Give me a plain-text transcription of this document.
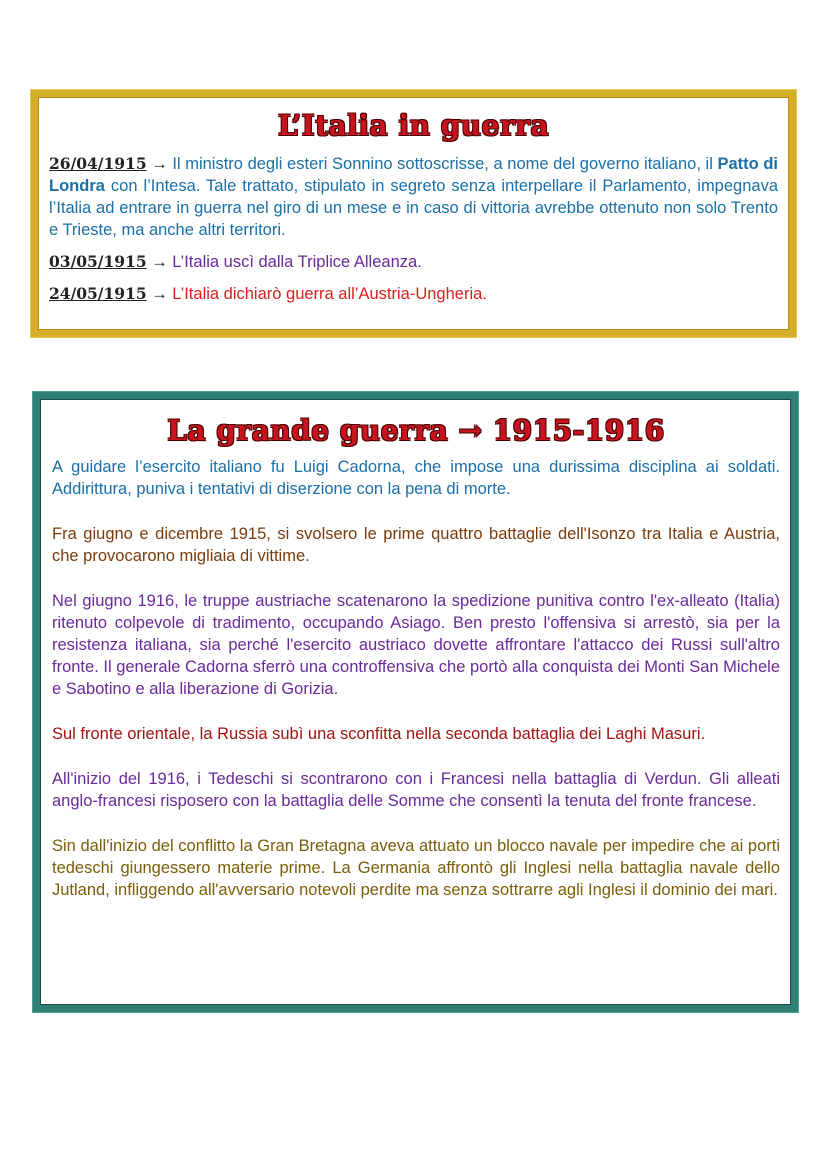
L’Italia in guerra

26/04/1915 → Il ministro degli esteri Sonnino sottoscrisse, a nome del governo italiano, il Patto di Londra con l’Intesa. Tale trattato, stipulato in segreto senza interpellare il Parlamento, impegnava l’Italia ad entrare in guerra nel giro di un mese e in caso di vittoria avrebbe ottenuto non solo Trento e Trieste, ma anche altri territori.

03/05/1915 → L’Italia uscì dalla Triplice Alleanza.

24/05/1915 → L’Italia dichiarò guerra all’Austria-Ungheria.

La grande guerra → 1915-1916

A guidare l’esercito italiano fu Luigi Cadorna, che impose una durissima disciplina ai soldati. Addirittura, puniva i tentativi di diserzione con la pena di morte.

Fra giugno e dicembre 1915, si svolsero le prime quattro battaglie dell'Isonzo tra Italia e Austria, che provocarono migliaia di vittime.

Nel giugno 1916, le truppe austriache scatenarono la spedizione punitiva contro l'ex-alleato (Italia) ritenuto colpevole di tradimento, occupando Asiago. Ben presto l'offensiva si arrestò, sia per la resistenza italiana, sia perché l'esercito austriaco dovette affrontare l'attacco dei Russi sull'altro fronte. Il generale Cadorna sferrò una controffensiva che portò alla conquista dei Monti San Michele e Sabotino e alla liberazione di Gorizia.

Sul fronte orientale, la Russia subì una sconfitta nella seconda battaglia dei Laghi Masuri.

All'inizio del 1916, i Tedeschi si scontrarono con i Francesi nella battaglia di Verdun. Gli alleati anglo-francesi risposero con la battaglia delle Somme che consentì la tenuta del fronte francese.

Sin dall'inizio del conflitto la Gran Bretagna aveva attuato un blocco navale per impedire che ai porti tedeschi giungessero materie prime. La Germania affrontò gli Inglesi nella battaglia navale dello Jutland, infliggendo all'avversario notevoli perdite ma senza sottrarre agli Inglesi il dominio dei mari.
